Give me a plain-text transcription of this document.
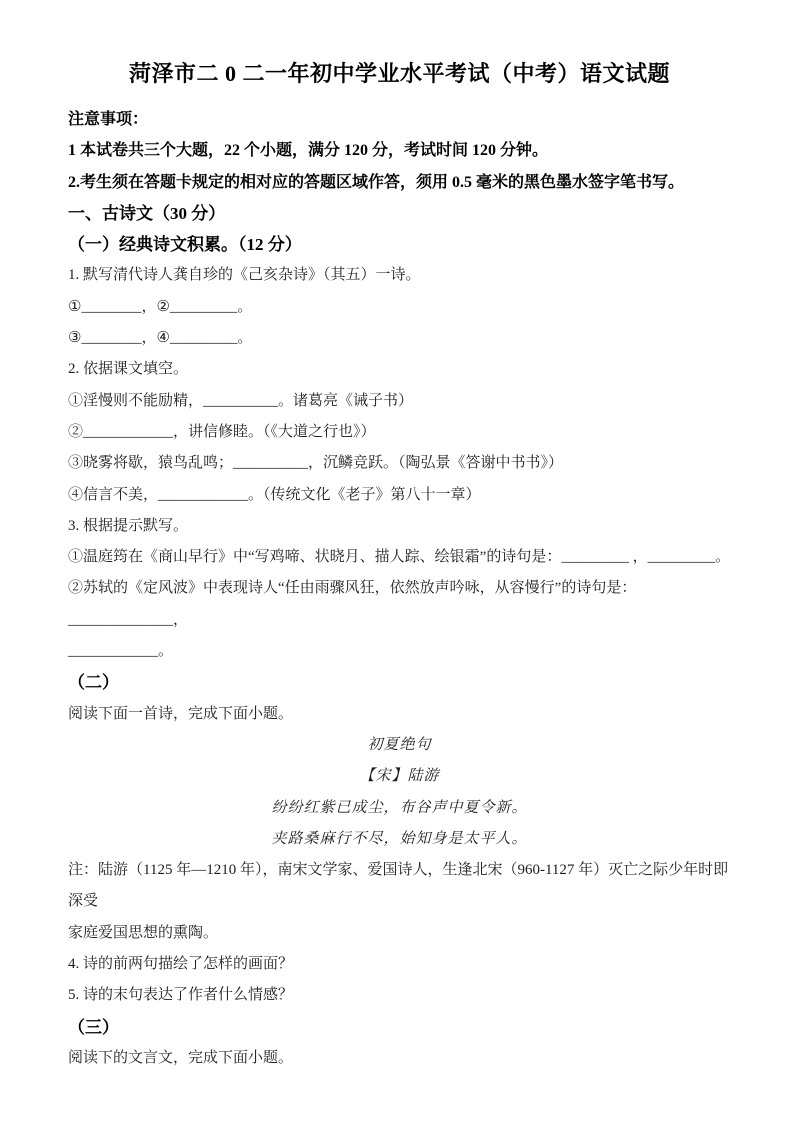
菏泽市二 0 二一年初中学业水平考试（中考）语文试题

注意事项：

1 本试卷共三个大题，22 个小题，满分 120 分，考试时间 120 分钟。

2.考生须在答题卡规定的相对应的答题区域作答，须用 0.5 毫米的黑色墨水签字笔书写。

一、古诗文（30 分）

（一）经典诗文积累。（12 分）

1. 默写清代诗人龚自珍的《己亥杂诗》（其五）一诗。

①________，②_________。

③________，④_________。

2. 依据课文填空。

①淫慢则不能励精，__________。诸葛亮《诫子书）

②____________，讲信修睦。（《大道之行也》）

③晓雾将歇，猿鸟乱鸣；__________，沉鳞竞跃。（陶弘景《答谢中书书》）

④信言不美，____________。（传统文化《老子》第八十一章）

3. 根据提示默写。

①温庭筠在《商山早行》中“写鸡啼、状晓月、描人踪、绘银霜”的诗句是：_________ ，_________。

②苏轼的《定风波》中表现诗人“任由雨骤风狂，依然放声吟咏，从容慢行”的诗句是：______________，

____________。

（二）

阅读下面一首诗，完成下面小题。

初夏绝句

【宋】陆游

纷纷红紫已成尘，布谷声中夏令新。

夹路桑麻行不尽，始知身是太平人。

注：陆游（1125 年—1210 年），南宋文学家、爱国诗人，生逢北宋（960-1127 年）灭亡之际少年时即深受

家庭爱国思想的熏陶。

4. 诗的前两句描绘了怎样的画面？

5. 诗的末句表达了作者什么情感？

（三）

阅读下的文言文，完成下面小题。
